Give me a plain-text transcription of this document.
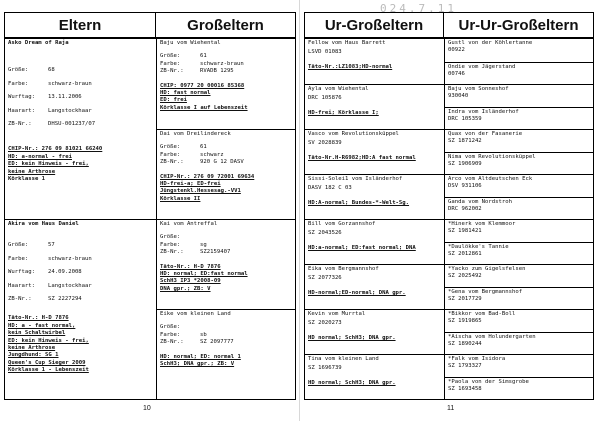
Eltern	Großeltern
Asko Dream of Raja
Größe:	68
Farbe:	schwarz-braun
Wurftag:	13.11.2006
Haarart:	Langstockhaar
ZB-Nr.:	DHSU-001237/07
CHIP-Nr.: 276 09 81021 66240
HD: a-normal - frei
ED: kein Hinweis - frei,
keine Arthrose
Körklasse 1
Akira vom Haus Daniel
Größe:	57
Farbe:	schwarz-braun
Wurftag:	24.09.2008
Haarart:	Langstockhaar
ZB-Nr.:	SZ 2227294
Täto-Nr.: H-D 7876
HD: a - fast normal,
kein Schaltwirbel
ED: kein Hinweis - frei,
keine Arthrose
Jungdhund: SG 1
Queen's Cup Sieger 2009
Körklasse 1 - Lebenszeit
Baju vom Wiehental
Größe:	61
Farbe:	schwarz-braun
ZB-Nr.:	RVADB 1295
CHIP: 0977 20 00016 85368
HD: fast normal
ED: frei
Körklasse I auf Lebenszeit
Dai vom Dreilindereck
Größe:	61
Farbe:	schwarz
ZB-Nr.:	920 G 12 DASV
CHIP-Nr.: 276 09 72001 69634
HD-frei-a; ED-frei
Jüngstenkl.Hessesag.-VV1
Körklasse II
Kai vom Antreffal
Größe:
Farbe:	sg
ZB-Nr.:	SZ2159407
Täto-Nr.: H-D 7876
HD: normal; ED:fast normal
SchH3 IP3 *2008-09
DNA gpr.; ZB: V
Eike vom kleinen Land
Größe:
Farbe:	sb
ZB-Nr.:	SZ 2097777
HD: normal; ED: normal 1
SchH3; DNA gpr.; ZB: V
10
Ur-Großeltern	Ur-Ur-Großeltern
Fellow vom Haus Barrett
LSVD 01083
Täto-Nr.:LZ1083;HD-normal
Ayla vom Wiehental
DRC 105876
HD-frei; Körklasse I;
Vasco vom Revolutionsküppel
SV 2028839
Täto-Nr.H-R6982;HD:A fast normal
Sissi-Solei1 vom Isländerhof
DASV 182 C 03
HD:A-normal; Bundes-*-Welt-Sg.
Bill vom Gorzannshof
SZ 2043526
HD:a-normal; ED:fast normal; DNA
Eika vom Bergmannshof
SZ 2077326
HD-normal;ED-normal; DNA gpr.
Kevin vom Murrtal
SZ 2020273
HD normal; SchH3; DNA gpr.
Tina vom kleinen Land
SZ 1696739
HD normal; SchH3; DNA gpr.
Gustl von der Köhlertanne
00922
Ondie vom Jägerstand
00746
Baju vom Sonneshof
930040
Indra vom Isländerhof
DRC 105359
Quax von der Fasanerie
SZ 1871242
Nima vom Revolutionsküppel
SZ 1906909
Arco vom Altdeutschen Eck
DSV 931106
Ganda vom Nordstroh
DRC 962002
*Hinerk vom Klemmoor
SZ 1981421
*Daulökke's Tannie
SZ 2012861
*Yacko zum Gigelsfelsen
SZ 2025492
*Gena vom Bergmannshof
SZ 2017729
*Bikkor vom Bad-Boll
SZ 1919865
*Aischa vom Holundergarten
SZ 1890244
*Falk vom Isidora
SZ 1793327
*Paola von der Simsgrobe
SZ 1693458
11
024.7.11
